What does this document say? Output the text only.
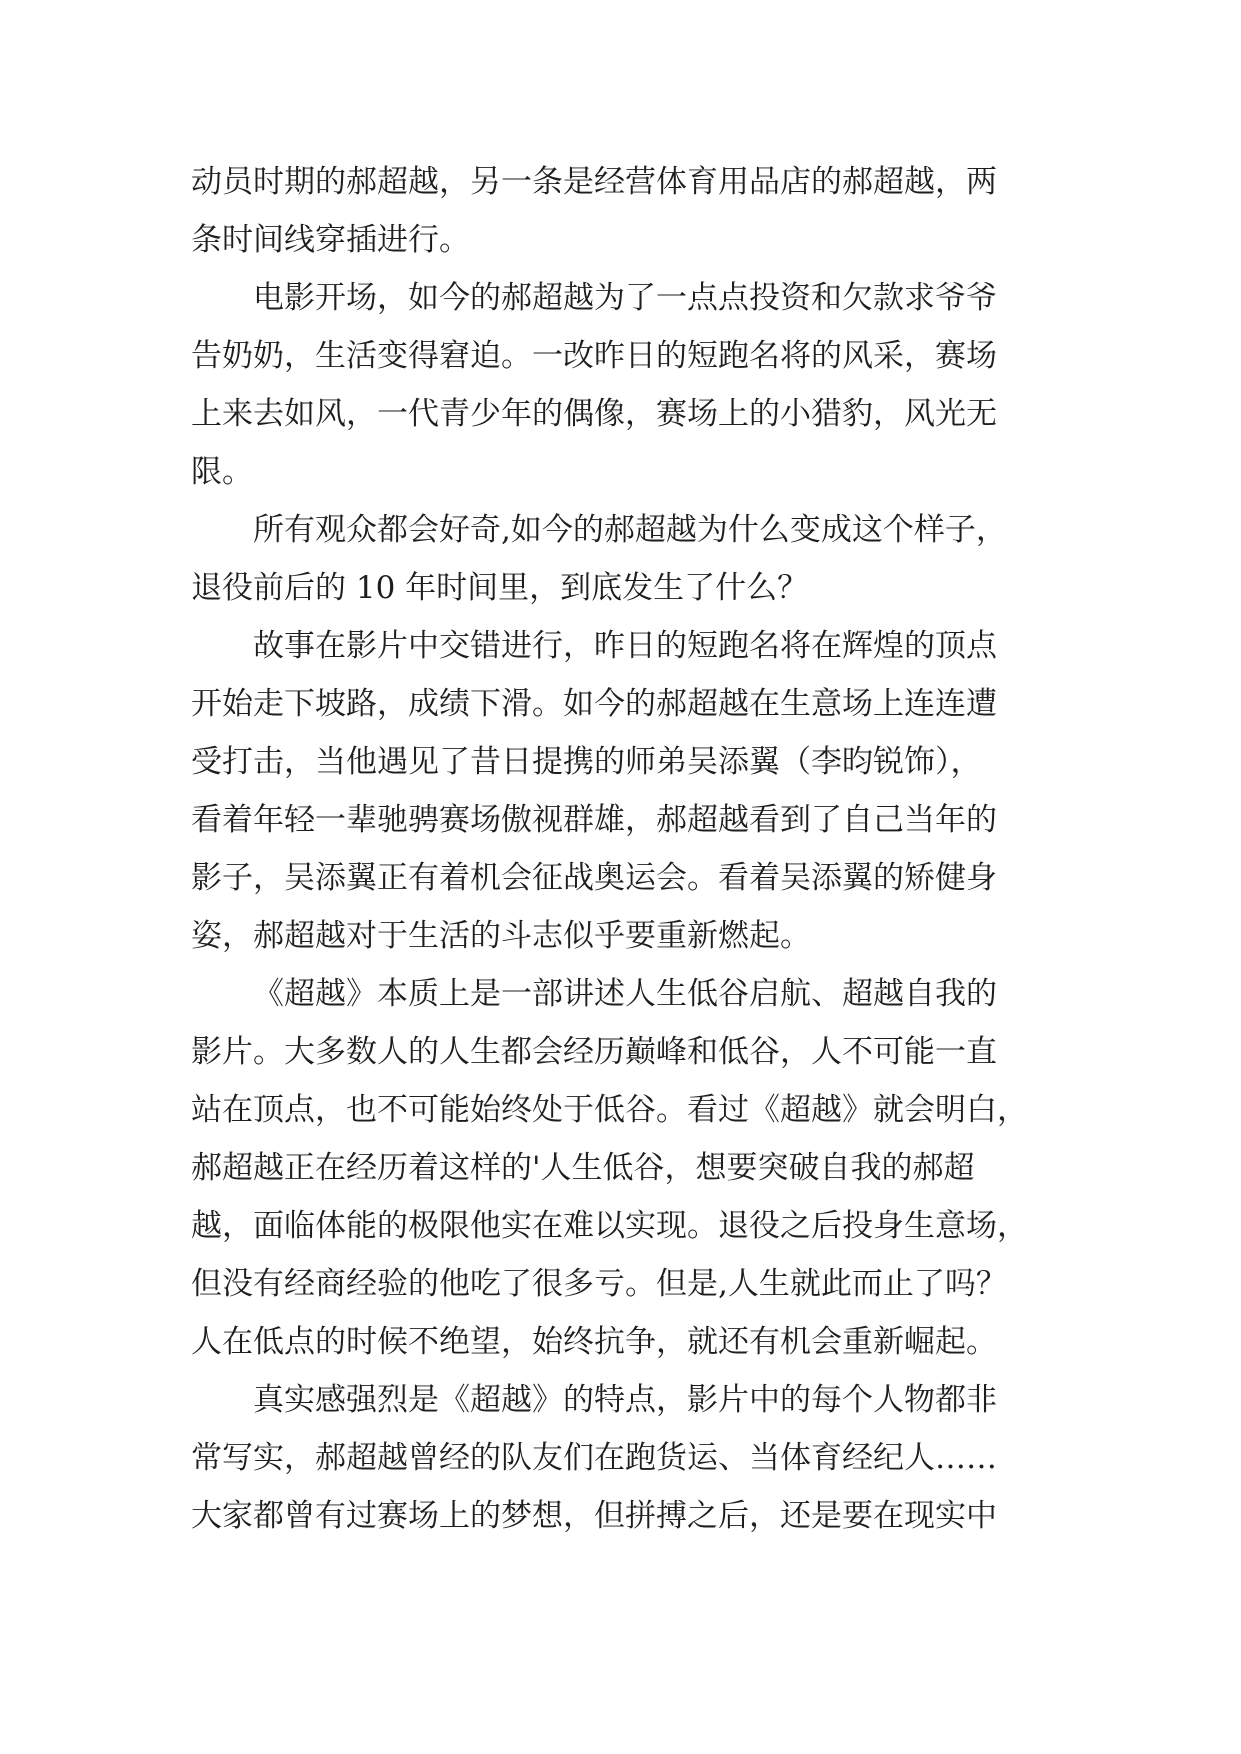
动员时期的郝超越，另一条是经营体育用品店的郝超越，两
条时间线穿插进行。
电影开场，如今的郝超越为了一点点投资和欠款求爷爷
告奶奶，生活变得窘迫。一改昨日的短跑名将的风采，赛场
上来去如风，一代青少年的偶像，赛场上的小猎豹，风光无
限。
所有观众都会好奇,如今的郝超越为什么变成这个样子，
退役前后的 10 年时间里，到底发生了什么？
故事在影片中交错进行，昨日的短跑名将在辉煌的顶点
开始走下坡路，成绩下滑。如今的郝超越在生意场上连连遭
受打击，当他遇见了昔日提携的师弟吴添翼（李昀锐饰），
看着年轻一辈驰骋赛场傲视群雄，郝超越看到了自己当年的
影子，吴添翼正有着机会征战奥运会。看着吴添翼的矫健身
姿，郝超越对于生活的斗志似乎要重新燃起。
《超越》本质上是一部讲述人生低谷启航、超越自我的
影片。大多数人的人生都会经历巅峰和低谷，人不可能一直
站在顶点，也不可能始终处于低谷。看过《超越》就会明白，
郝超越正在经历着这样的'人生低谷，想要突破自我的郝超
越，面临体能的极限他实在难以实现。退役之后投身生意场，
但没有经商经验的他吃了很多亏。但是,人生就此而止了吗？
人在低点的时候不绝望，始终抗争，就还有机会重新崛起。
真实感强烈是《超越》的特点，影片中的每个人物都非
常写实，郝超越曾经的队友们在跑货运、当体育经纪人……
大家都曾有过赛场上的梦想，但拼搏之后，还是要在现实中
